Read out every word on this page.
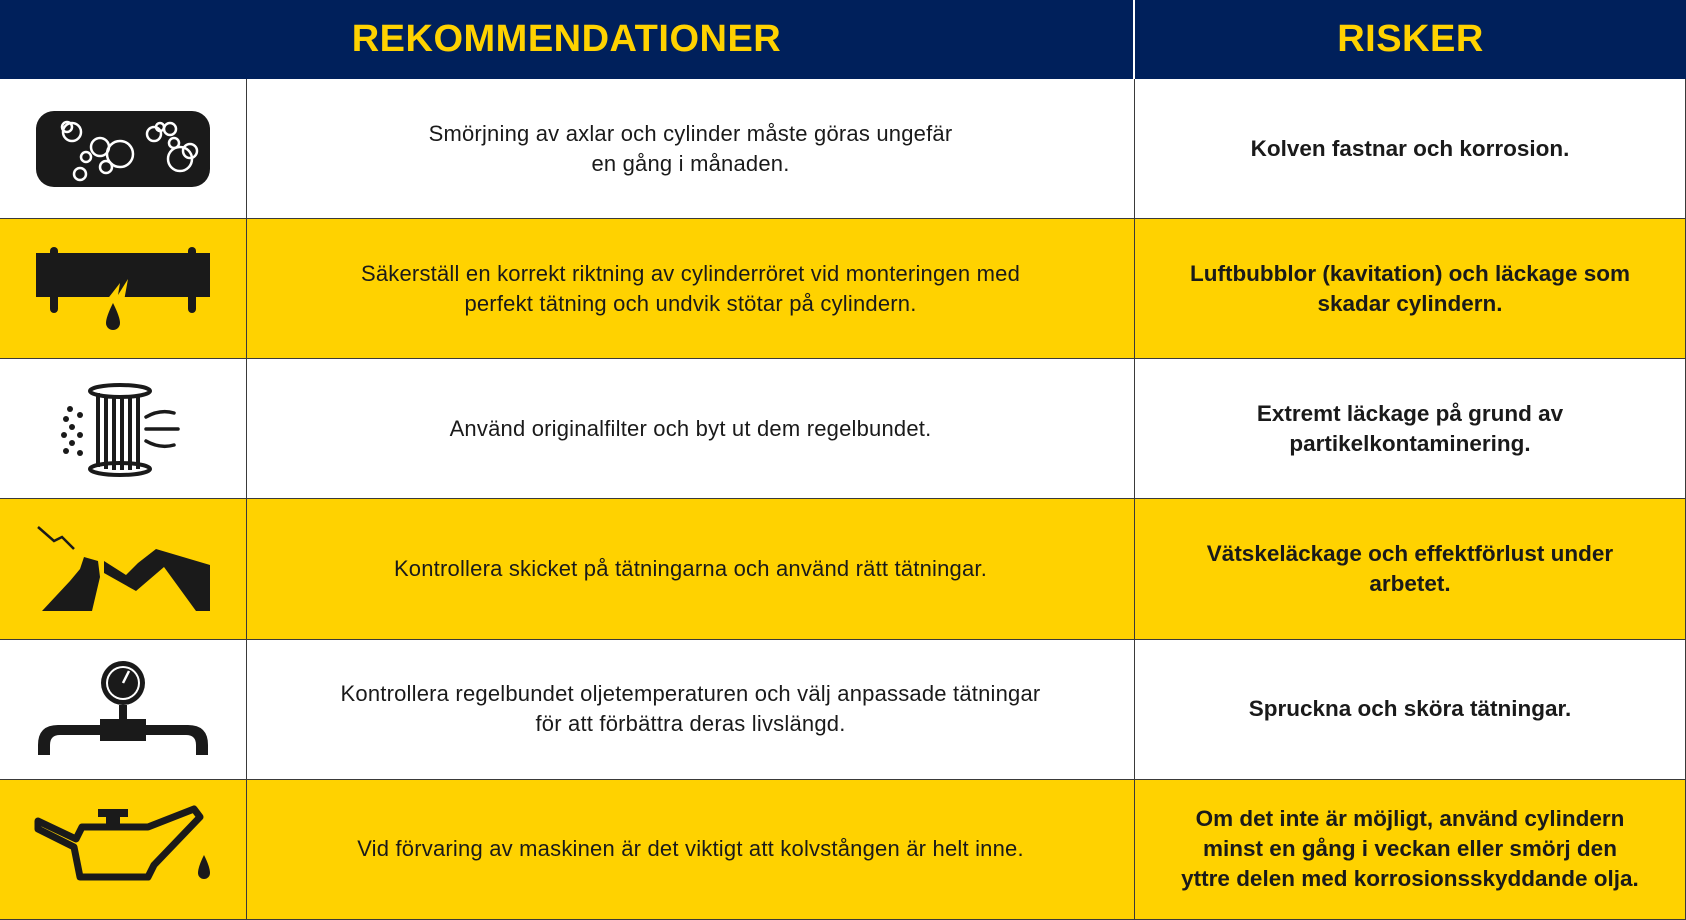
REKOMMENDATIONER	RISKER
Smörjning av axlar och cylinder måste göras ungefär
en gång i månaden.
Kolven fastnar och korrosion.
Säkerställ en korrekt riktning av cylinderröret vid monteringen med
perfekt tätning och undvik stötar på cylindern.
Luftbubblor (kavitation) och läckage som
skadar cylindern.
Använd originalfilter och byt ut dem regelbundet.
Extremt läckage på grund av
partikelkontaminering.
Kontrollera skicket på tätningarna och använd rätt tätningar.
Vätskeläckage och effektförlust under
arbetet.
Kontrollera regelbundet oljetemperaturen och välj anpassade tätningar
för att förbättra deras livslängd.
Spruckna och sköra tätningar.
Vid förvaring av maskinen är det viktigt att kolvstången är helt inne.
Om det inte är möjligt, använd cylindern
minst en gång i veckan eller smörj den
yttre delen med korrosionsskyddande olja.
